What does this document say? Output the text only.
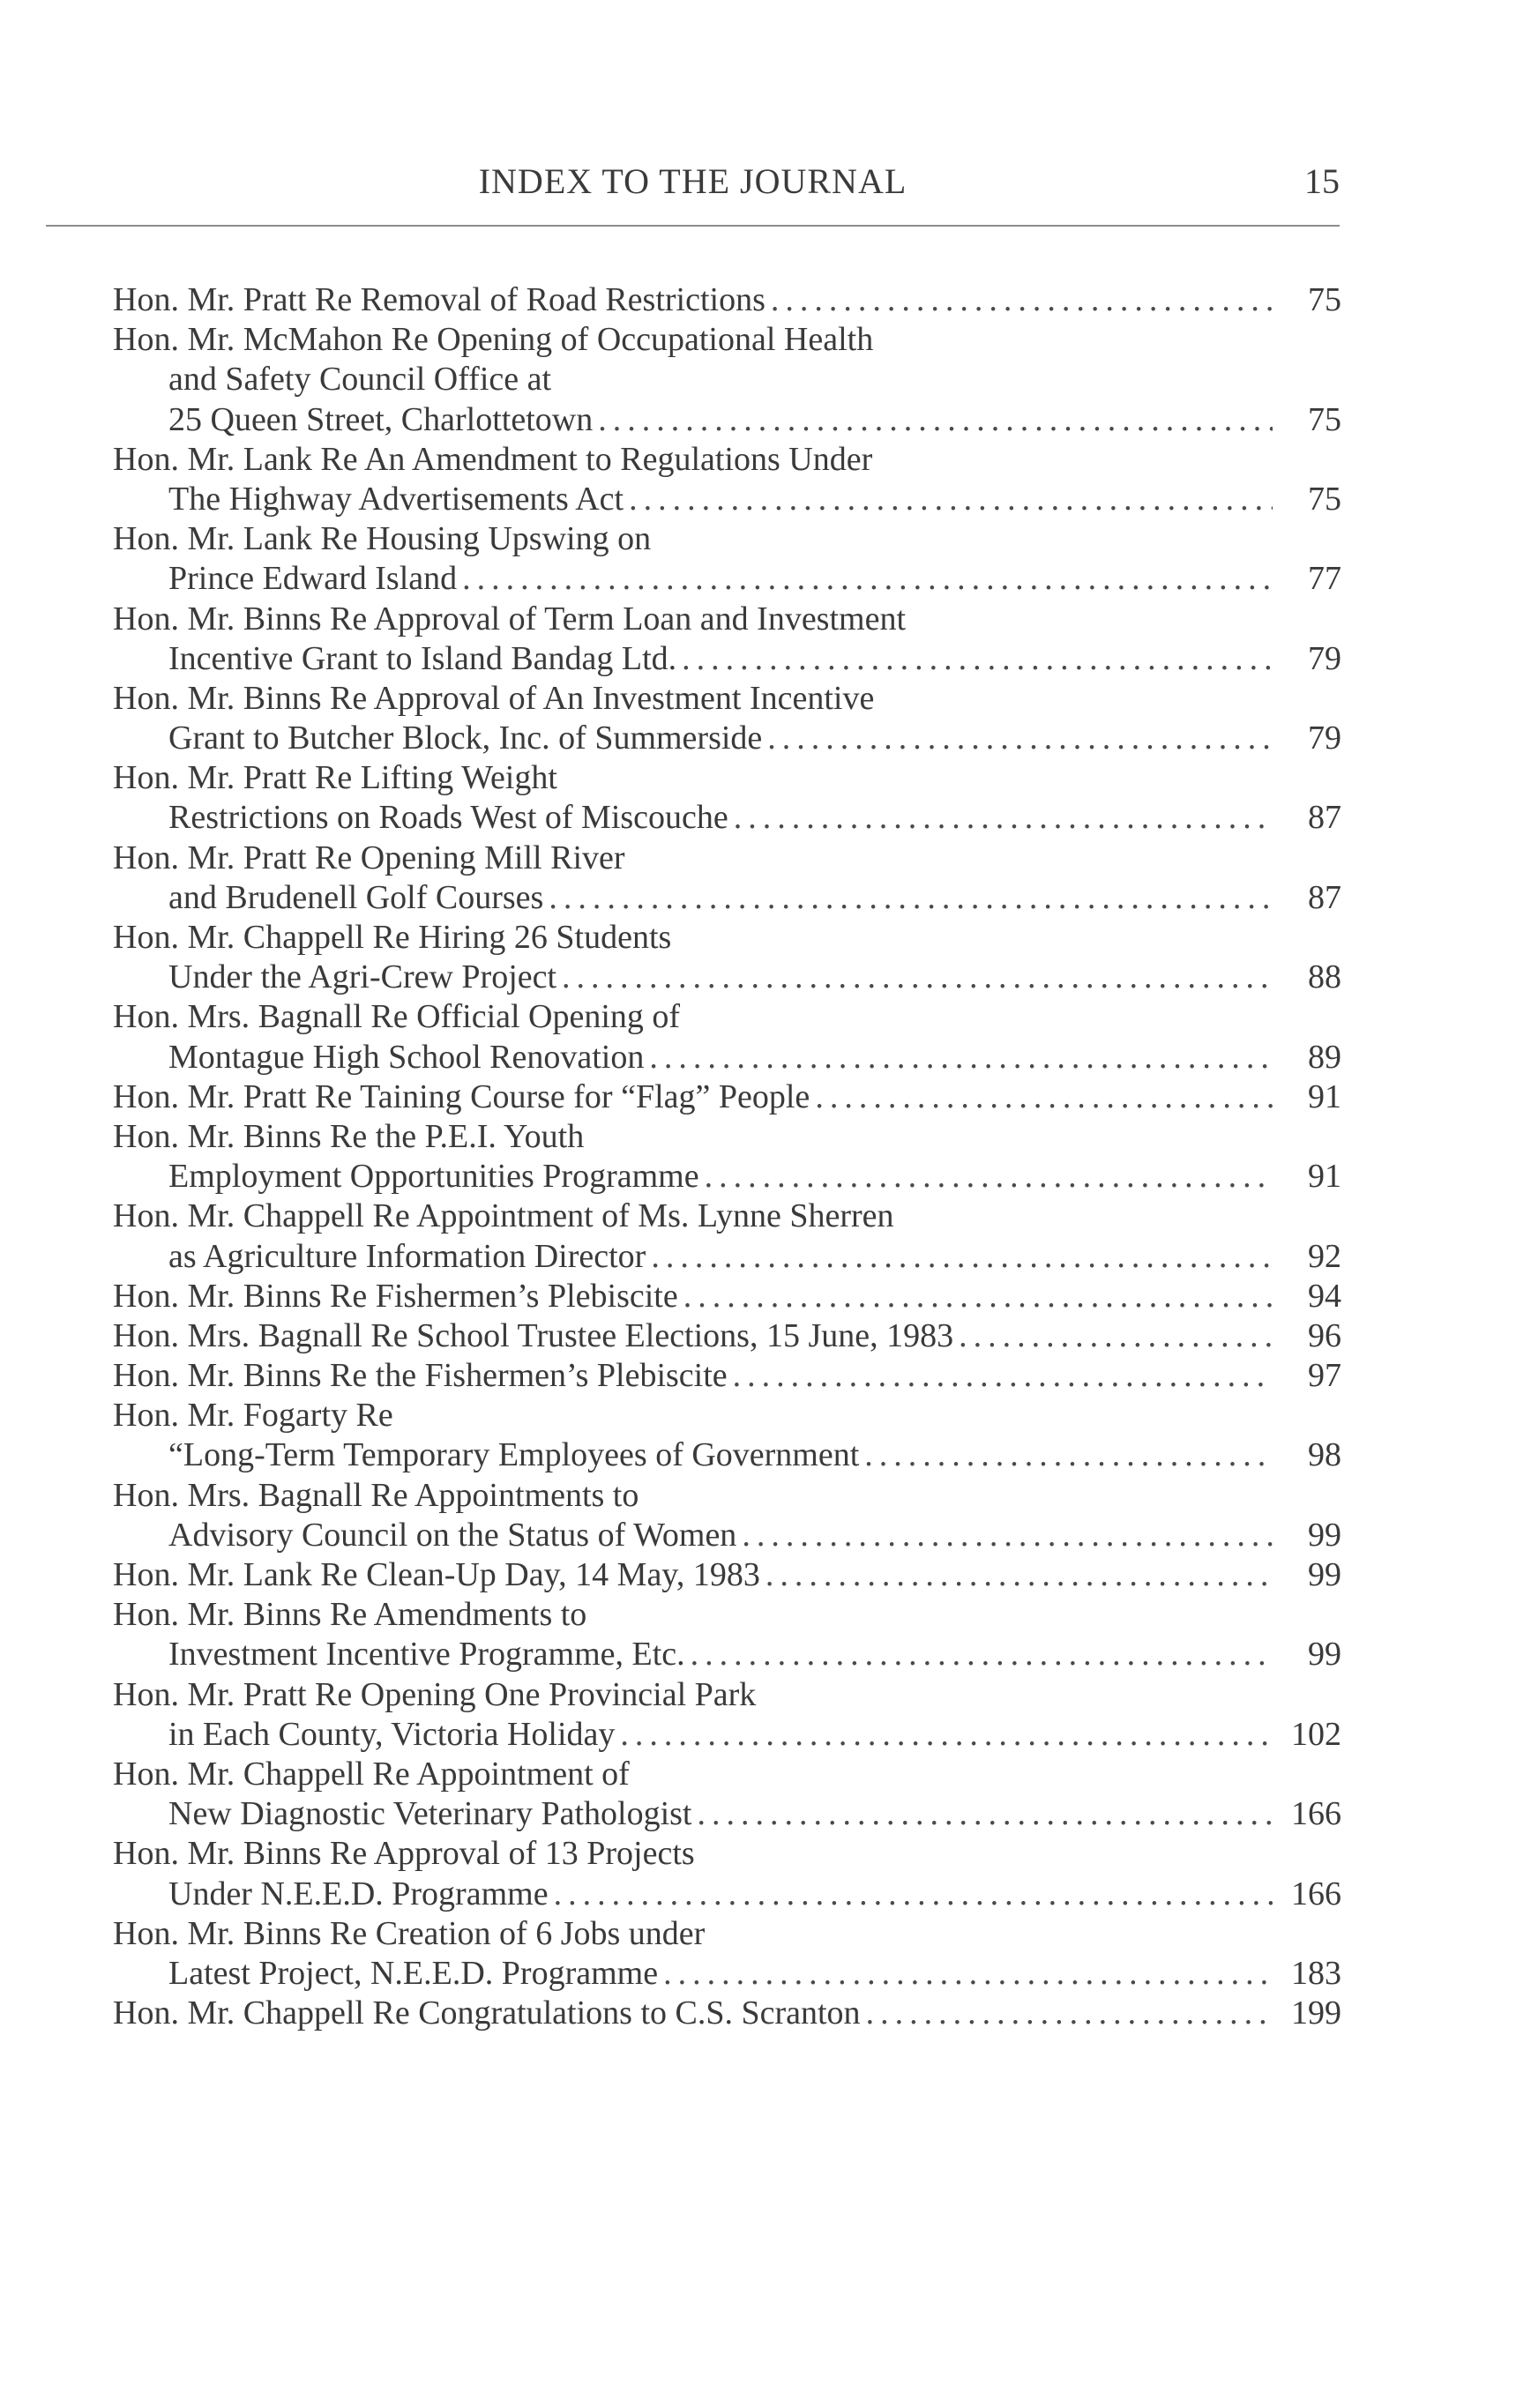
INDEX TO THE JOURNAL	15
Hon. Mr. Pratt Re Removal of Road Restrictions .....	75
Hon. Mr. McMahon Re Opening of Occupational Health
and Safety Council Office at
25 Queen Street, Charlottetown .....	75
Hon. Mr. Lank Re An Amendment to Regulations Under
The Highway Advertisements Act .....	75
Hon. Mr. Lank Re Housing Upswing on
Prince Edward Island .....	77
Hon. Mr. Binns Re Approval of Term Loan and Investment
Incentive Grant to Island Bandag Ltd. .....	79
Hon. Mr. Binns Re Approval of An Investment Incentive
Grant to Butcher Block, Inc. of Summerside .....	79
Hon. Mr. Pratt Re Lifting Weight
Restrictions on Roads West of Miscouche .....	87
Hon. Mr. Pratt Re Opening Mill River
and Brudenell Golf Courses .....	87
Hon. Mr. Chappell Re Hiring 26 Students
Under the Agri-Crew Project .....	88
Hon. Mrs. Bagnall Re Official Opening of
Montague High School Renovation .....	89
Hon. Mr. Pratt Re Taining Course for “Flag” People .....	91
Hon. Mr. Binns Re the P.E.I. Youth
Employment Opportunities Programme .....	91
Hon. Mr. Chappell Re Appointment of Ms. Lynne Sherren
as Agriculture Information Director .....	92
Hon. Mr. Binns Re Fishermen’s Plebiscite .....	94
Hon. Mrs. Bagnall Re School Trustee Elections, 15 June, 1983 .....	96
Hon. Mr. Binns Re the Fishermen’s Plebiscite .....	97
Hon. Mr. Fogarty Re
“Long-Term Temporary Employees of Government .....	98
Hon. Mrs. Bagnall Re Appointments to
Advisory Council on the Status of Women .....	99
Hon. Mr. Lank Re Clean-Up Day, 14 May, 1983 .....	99
Hon. Mr. Binns Re Amendments to
Investment Incentive Programme, Etc. .....	99
Hon. Mr. Pratt Re Opening One Provincial Park
in Each County, Victoria Holiday .....	102
Hon. Mr. Chappell Re Appointment of
New Diagnostic Veterinary Pathologist .....	166
Hon. Mr. Binns Re Approval of 13 Projects
Under N.E.E.D. Programme .....	166
Hon. Mr. Binns Re Creation of 6 Jobs under
Latest Project, N.E.E.D. Programme .....	183
Hon. Mr. Chappell Re Congratulations to C.S. Scranton .....	199
